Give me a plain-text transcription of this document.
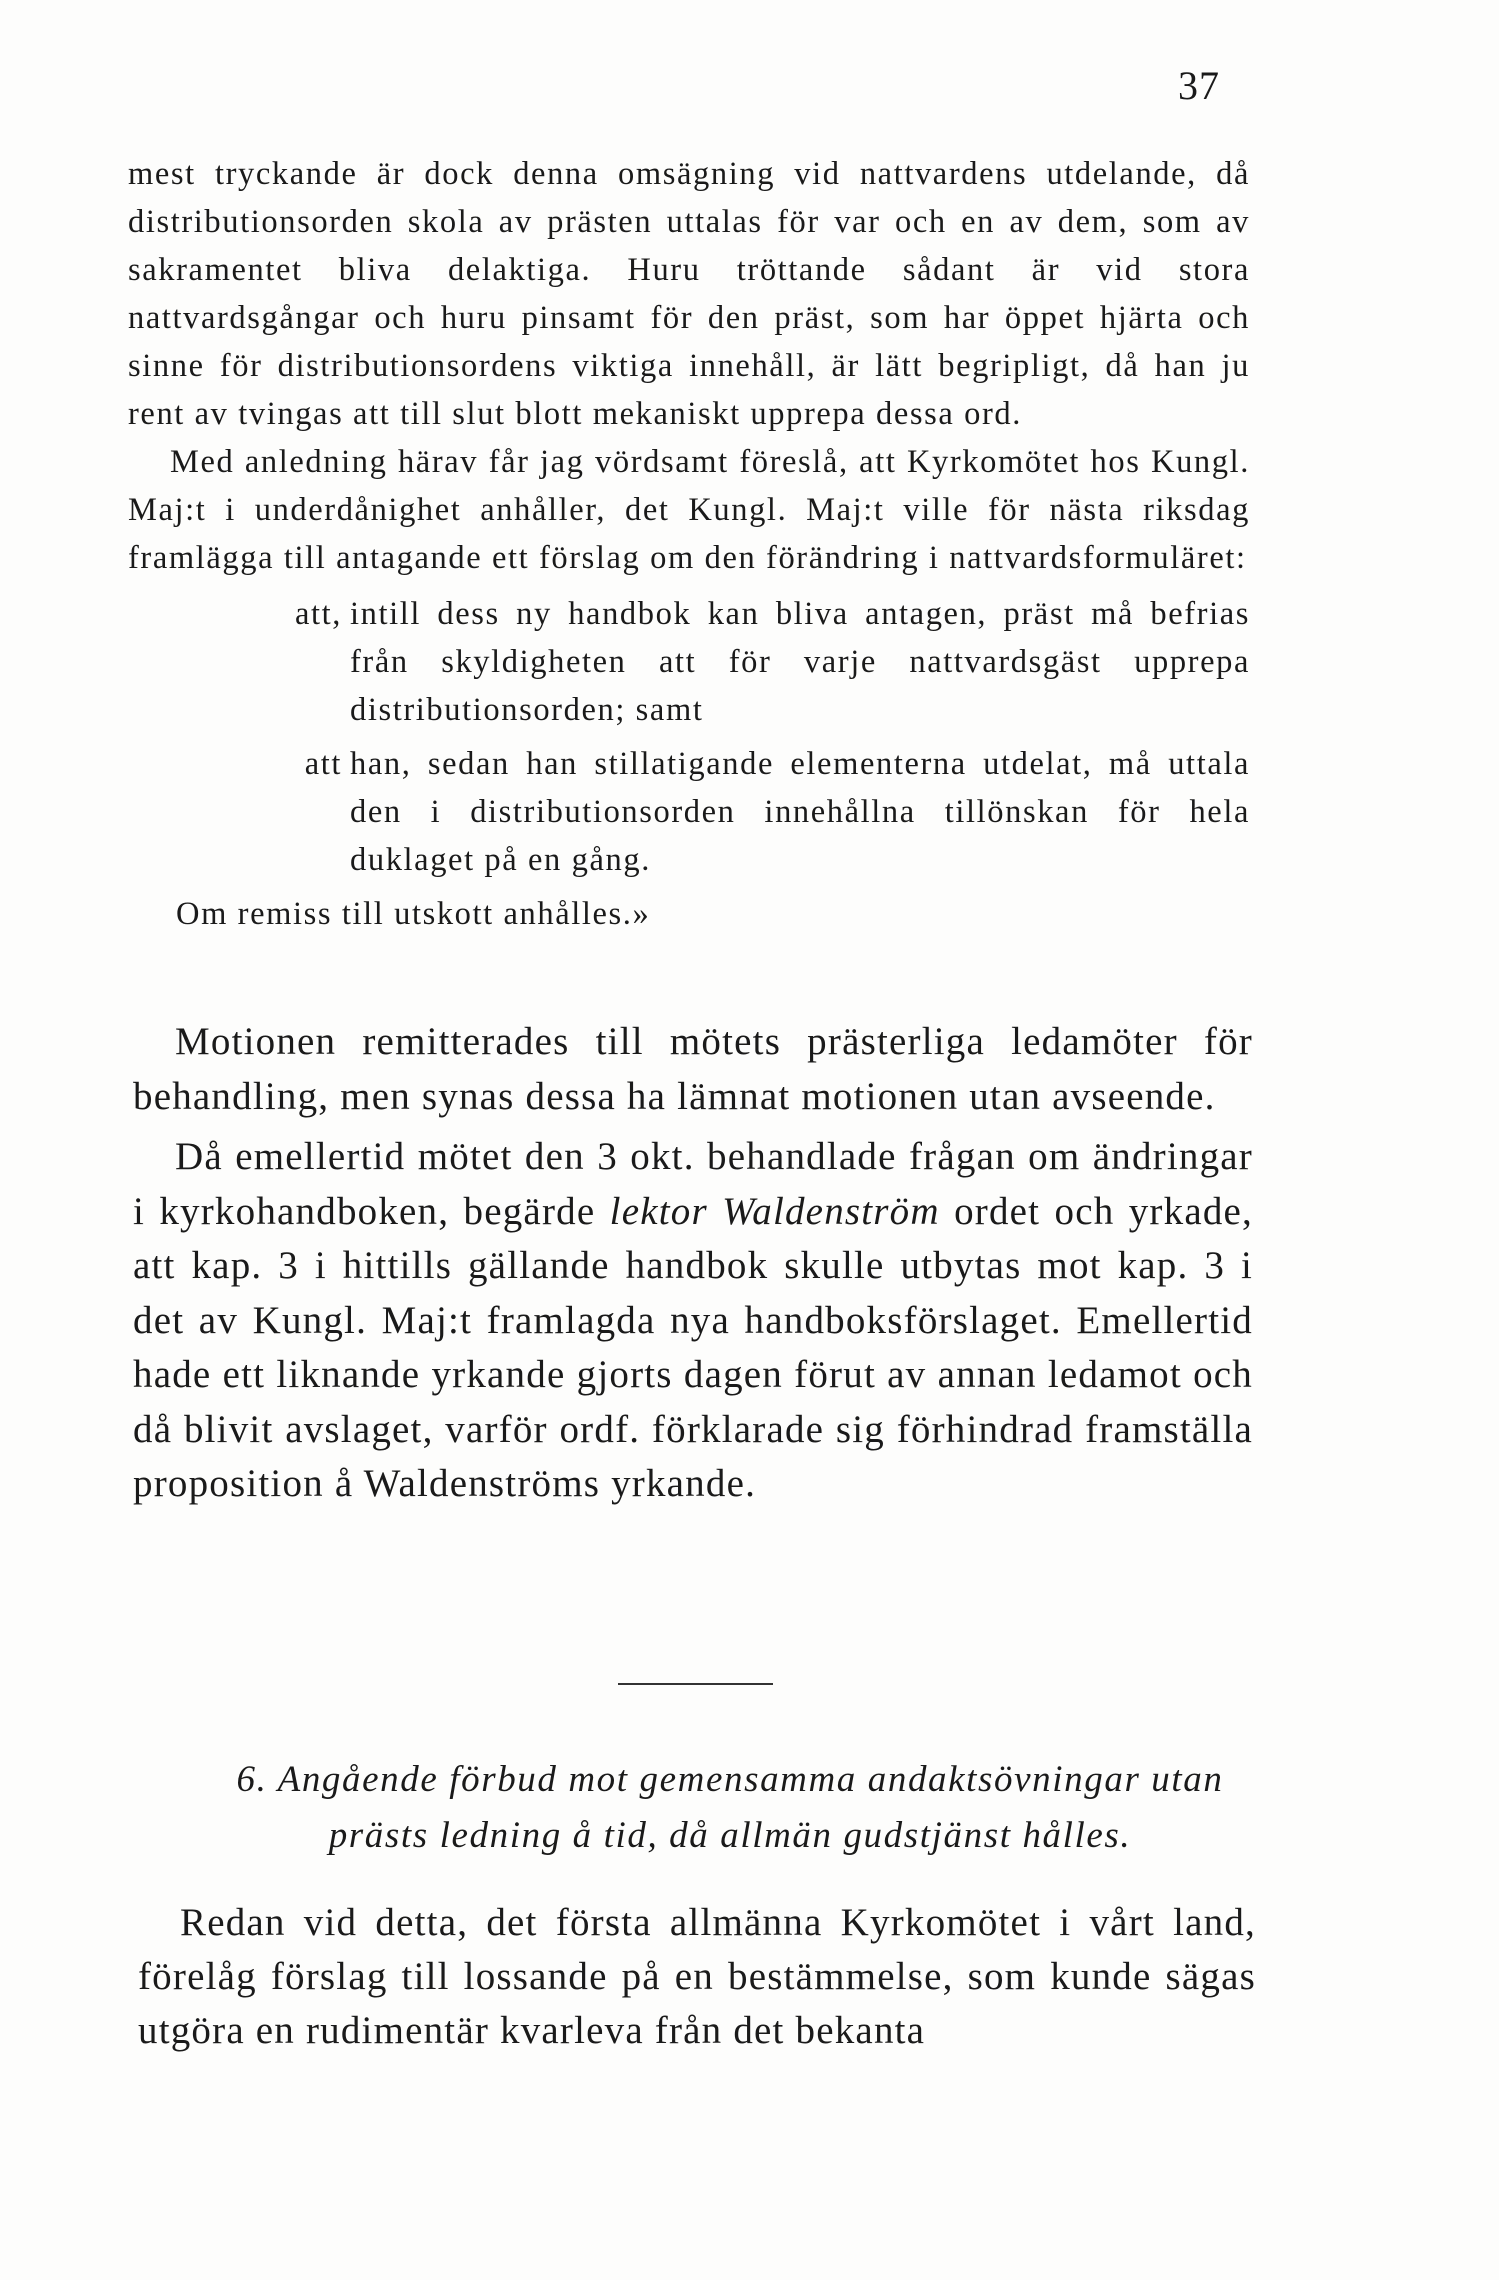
37

mest tryckande är dock denna omsägning vid nattvardens utdelande, då distributionsorden skola av prästen uttalas för var och en av dem, som av sakramentet bliva delaktiga. Huru tröttande sådant är vid stora nattvardsgångar och huru pinsamt för den präst, som har öppet hjärta och sinne för distributionsordens viktiga innehåll, är lätt begripligt, då han ju rent av tvingas att till slut blott mekaniskt upprepa dessa ord.

Med anledning härav får jag vördsamt föreslå, att Kyrkomötet hos Kungl. Maj:t i underdånighet anhåller, det Kungl. Maj:t ville för nästa riksdag framlägga till antagande ett förslag om den förändring i nattvardsformuläret:

att, intill dess ny handbok kan bliva antagen, präst må befrias från skyldigheten att för varje nattvardsgäst upprepa distributionsorden; samt
att han, sedan han stillatigande elementerna utdelat, må uttala den i distributionsorden innehållna tillönskan för hela duklaget på en gång.

Om remiss till utskott anhålles.»

Motionen remitterades till mötets prästerliga ledamöter för behandling, men synas dessa ha lämnat motionen utan avseende.

Då emellertid mötet den 3 okt. behandlade frågan om ändringar i kyrkohandboken, begärde lektor Waldenström ordet och yrkade, att kap. 3 i hittills gällande handbok skulle utbytas mot kap. 3 i det av Kungl. Maj:t framlagda nya handboksförslaget. Emellertid hade ett liknande yrkande gjorts dagen förut av annan ledamot och då blivit avslaget, varför ordf. förklarade sig förhindrad framställa proposition å Waldenströms yrkande.

6. Angående förbud mot gemensamma andaktsövningar utan

prästs ledning å tid, då allmän gudstjänst hålles.

Redan vid detta, det första allmänna Kyrkomötet i vårt land, förelåg förslag till lossande på en bestämmelse, som kunde sägas utgöra en rudimentär kvarleva från det bekanta
